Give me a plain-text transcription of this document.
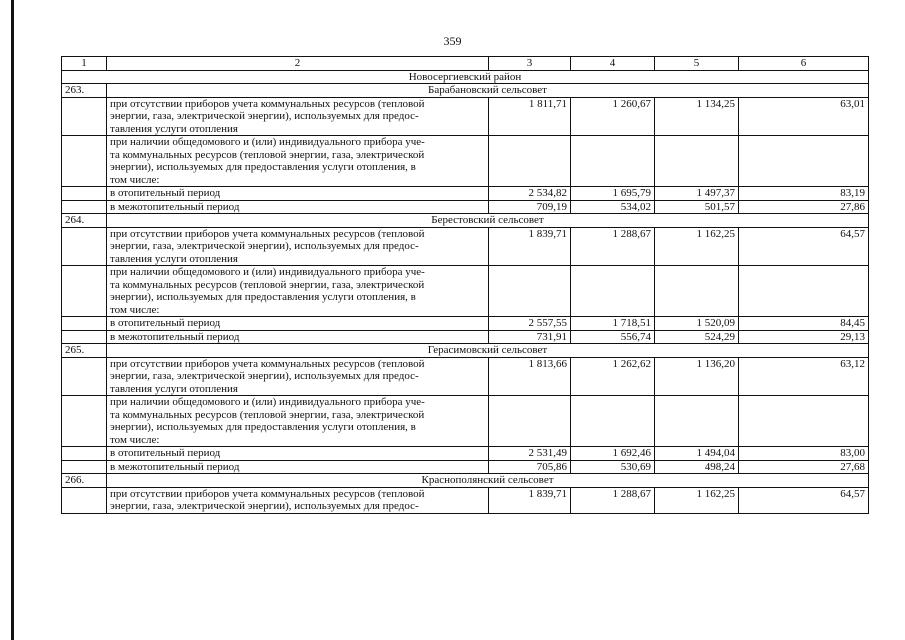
359
1	2	3	4	5	6
Новосергиевский район					
263.	Барабановский сельсовет				

	при отсутствии приборов учета коммунальных ресурсов (тепловой
энергии, газа, электрической энергии), используемых для предос-
тавления услуги отопления	1 811,71	1 260,67	1 134,25	63,01

	при наличии общедомового и (или) индивидуального прибора уче-
та коммунальных ресурсов (тепловой энергии, газа, электрической
энергии), используемых для предоставления услуги отопления, в
том числе:				

	в отопительный период	2 534,82	1 695,79	1 497,37	83,19

	в межотопительный период	709,19	534,02	501,57	27,86
264.	Берестовский сельсовет				

	при отсутствии приборов учета коммунальных ресурсов (тепловой
энергии, газа, электрической энергии), используемых для предос-
тавления услуги отопления	1 839,71	1 288,67	1 162,25	64,57

	при наличии общедомового и (или) индивидуального прибора уче-
та коммунальных ресурсов (тепловой энергии, газа, электрической
энергии), используемых для предоставления услуги отопления, в
том числе:				

	в отопительный период	2 557,55	1 718,51	1 520,09	84,45

	в межотопительный период	731,91	556,74	524,29	29,13
265.	Герасимовский сельсовет				

	при отсутствии приборов учета коммунальных ресурсов (тепловой
энергии, газа, электрической энергии), используемых для предос-
тавления услуги отопления	1 813,66	1 262,62	1 136,20	63,12

	при наличии общедомового и (или) индивидуального прибора уче-
та коммунальных ресурсов (тепловой энергии, газа, электрической
энергии), используемых для предоставления услуги отопления, в
том числе:				

	в отопительный период	2 531,49	1 692,46	1 494,04	83,00

	в межотопительный период	705,86	530,69	498,24	27,68
266.	Краснополянский сельсовет				

	при отсутствии приборов учета коммунальных ресурсов (тепловой
энергии, газа, электрической энергии), используемых для предос-	1 839,71	1 288,67	1 162,25	64,57
